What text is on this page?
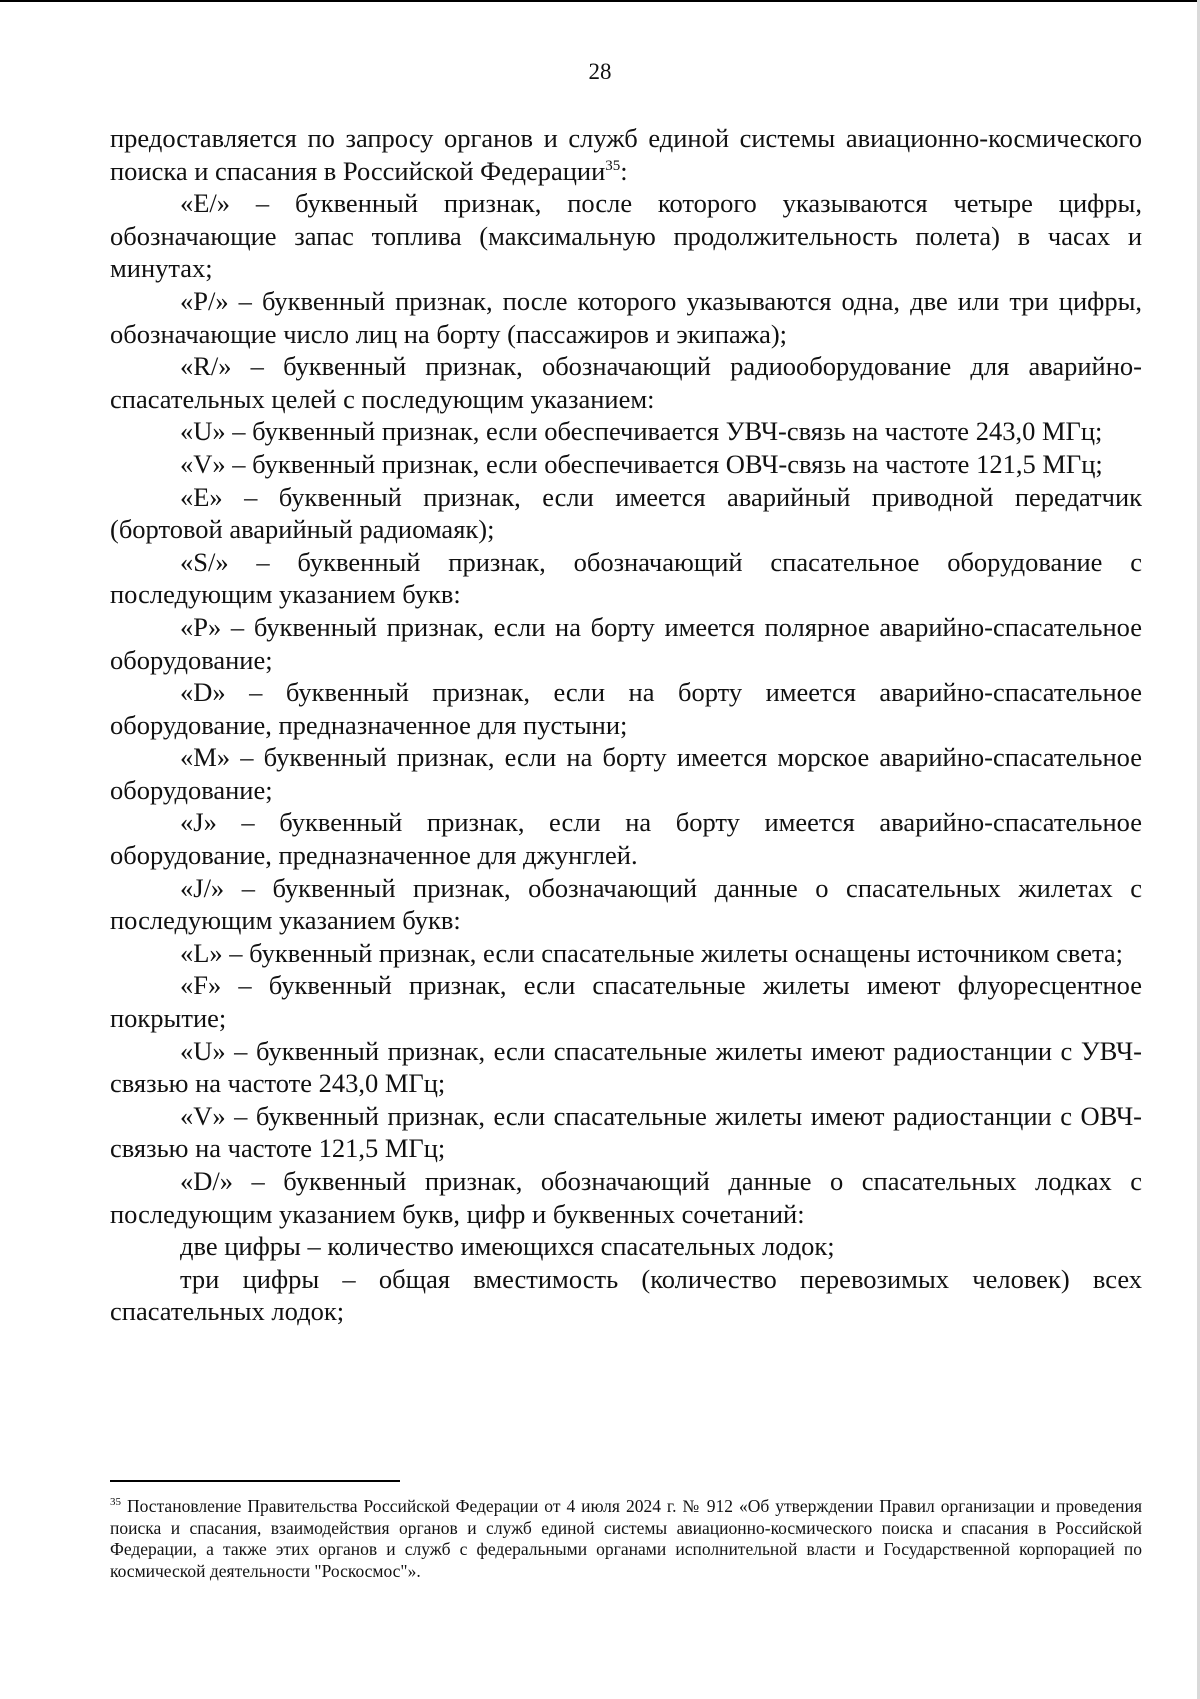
28

предоставляется по запросу органов и служб единой системы авиационно-космического поиска и спасания в Российской Федерации$^{35}$:

«E/» – буквенный признак, после которого указываются четыре цифры, обозначающие запас топлива (максимальную продолжительность полета) в часах и минутах;

«P/» – буквенный признак, после которого указываются одна, две или три цифры, обозначающие число лиц на борту (пассажиров и экипажа);

«R/» – буквенный признак, обозначающий радиооборудование для аварийно-спасательных целей с последующим указанием:

«U» – буквенный признак, если обеспечивается УВЧ-связь на частоте 243,0 МГц;

«V» – буквенный признак, если обеспечивается ОВЧ-связь на частоте 121,5 МГц;

«E» – буквенный признак, если имеется аварийный приводной передатчик (бортовой аварийный радиомаяк);

«S/» – буквенный признак, обозначающий спасательное оборудование с последующим указанием букв:

«P» – буквенный признак, если на борту имеется полярное аварийно-спасательное оборудование;

«D» – буквенный признак, если на борту имеется аварийно-спасательное оборудование, предназначенное для пустыни;

«M» – буквенный признак, если на борту имеется морское аварийно-спасательное оборудование;

«J» – буквенный признак, если на борту имеется аварийно-спасательное оборудование, предназначенное для джунглей.

«J/» – буквенный признак, обозначающий данные о спасательных жилетах с последующим указанием букв:

«L» – буквенный признак, если спасательные жилеты оснащены источником света;

«F» – буквенный признак, если спасательные жилеты имеют флуоресцентное покрытие;

«U» – буквенный признак, если спасательные жилеты имеют радиостанции с УВЧ-связью на частоте 243,0 МГц;

«V» – буквенный признак, если спасательные жилеты имеют радиостанции с ОВЧ-связью на частоте 121,5 МГц;

«D/» – буквенный признак, обозначающий данные о спасательных лодках с последующим указанием букв, цифр и буквенных сочетаний:

две цифры – количество имеющихся спасательных лодок;

три цифры – общая вместимость (количество перевозимых человек) всех спасательных лодок;

$^{35}$ Постановление Правительства Российской Федерации от 4 июля 2024 г. № 912 «Об утверждении Правил организации и проведения поиска и спасания, взаимодействия органов и служб единой системы авиационно-космического поиска и спасания в Российской Федерации, а также этих органов и служб с федеральными органами исполнительной власти и Государственной корпорацией по космической деятельности "Роскосмос"».
